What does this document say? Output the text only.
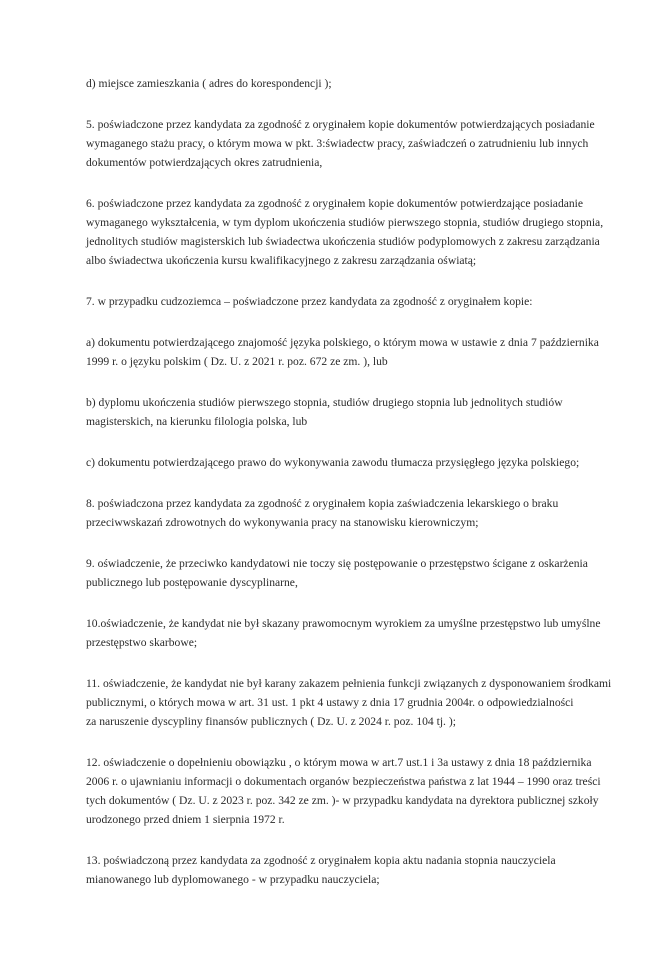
d) miejsce zamieszkania ( adres do korespondencji );

5. poświadczone przez kandydata za zgodność z oryginałem kopie dokumentów potwierdzających posiadanie
wymaganego stażu pracy, o którym mowa w pkt. 3:świadectw pracy, zaświadczeń o zatrudnieniu lub innych
dokumentów potwierdzających okres zatrudnienia,

6. poświadczone przez kandydata za zgodność z oryginałem kopie dokumentów potwierdzające posiadanie
wymaganego wykształcenia, w tym dyplom ukończenia studiów pierwszego stopnia, studiów drugiego stopnia,
jednolitych studiów magisterskich lub świadectwa ukończenia studiów podyplomowych z zakresu zarządzania
albo świadectwa ukończenia kursu kwalifikacyjnego z zakresu zarządzania oświatą;

7. w przypadku cudzoziemca – poświadczone przez kandydata za zgodność z oryginałem kopie:

a) dokumentu potwierdzającego znajomość języka polskiego, o którym mowa w ustawie z dnia 7 października
1999 r. o języku polskim ( Dz. U. z 2021 r. poz. 672 ze zm. ), lub

b) dyplomu ukończenia studiów pierwszego stopnia, studiów drugiego stopnia lub jednolitych studiów
magisterskich, na kierunku filologia polska, lub

c) dokumentu potwierdzającego prawo do wykonywania zawodu tłumacza przysięgłego języka polskiego;

8. poświadczona przez kandydata za zgodność z oryginałem kopia zaświadczenia lekarskiego o braku
przeciwwskazań zdrowotnych do wykonywania pracy na stanowisku kierowniczym;

9. oświadczenie, że przeciwko kandydatowi nie toczy się postępowanie o przestępstwo ścigane z oskarżenia
publicznego lub postępowanie dyscyplinarne,

10.oświadczenie, że kandydat nie był skazany prawomocnym wyrokiem za umyślne przestępstwo lub umyślne
przestępstwo skarbowe;

11. oświadczenie, że kandydat nie był karany zakazem pełnienia funkcji związanych z dysponowaniem środkami
publicznymi, o których mowa w art. 31 ust. 1 pkt 4 ustawy z dnia 17 grudnia 2004r. o odpowiedzialności
za naruszenie dyscypliny finansów publicznych ( Dz. U. z 2024 r. poz. 104 tj. );

12. oświadczenie o dopełnieniu obowiązku , o którym mowa w art.7 ust.1 i 3a ustawy z dnia 18 października
2006 r. o ujawnianiu informacji o dokumentach organów bezpieczeństwa państwa z lat 1944 – 1990 oraz treści
tych dokumentów ( Dz. U. z 2023 r. poz. 342 ze zm. )- w przypadku kandydata na dyrektora publicznej szkoły
urodzonego przed dniem 1 sierpnia 1972 r.

13. poświadczoną przez kandydata za zgodność z oryginałem kopia aktu nadania stopnia nauczyciela
mianowanego lub dyplomowanego - w przypadku nauczyciela;
